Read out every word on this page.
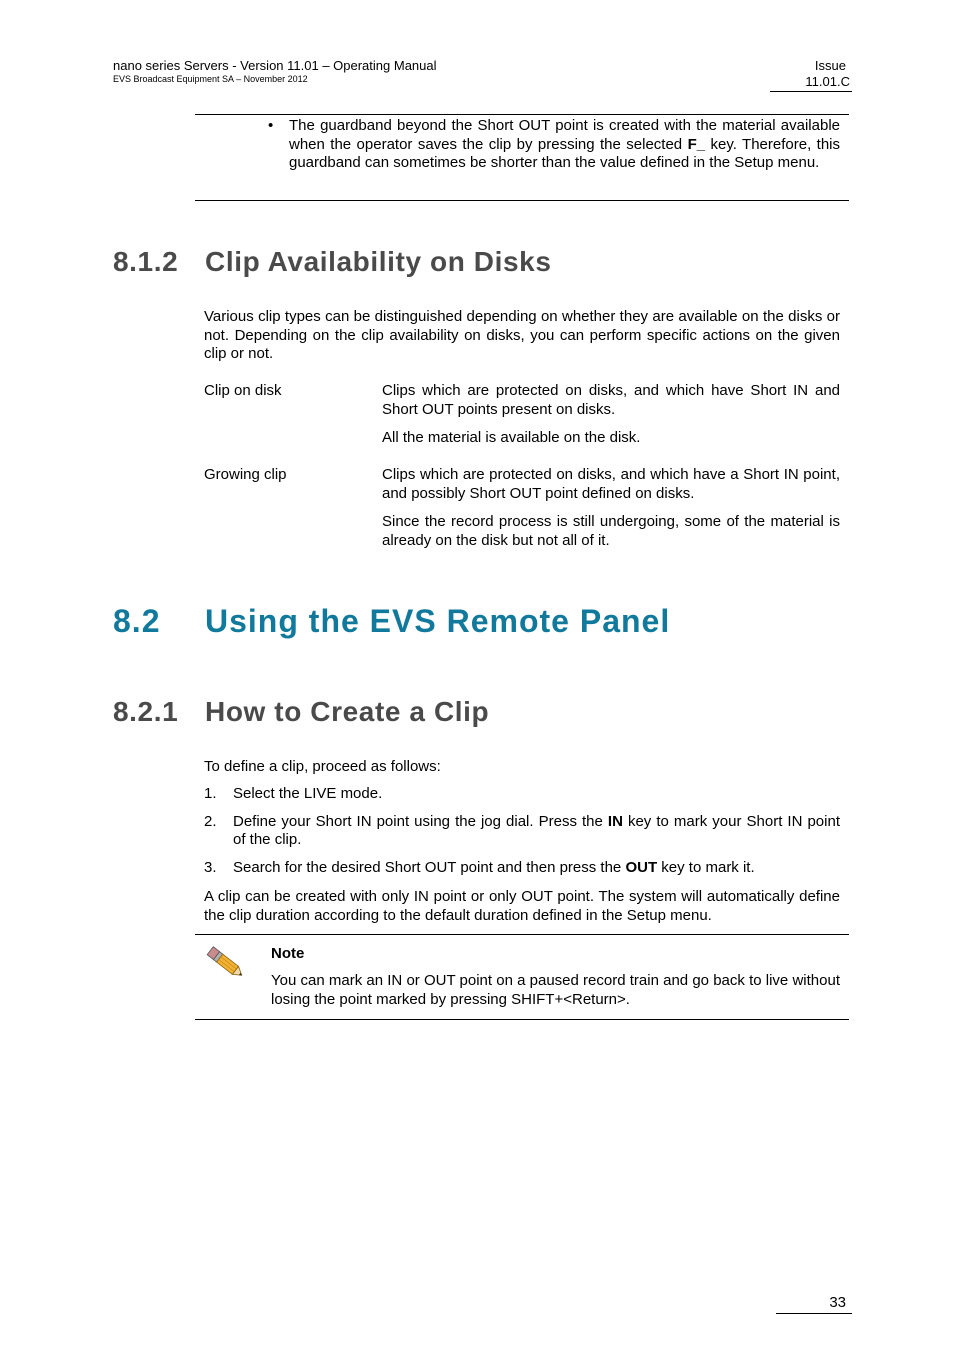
nano series Servers - Version 11.01 – Operating Manual
EVS Broadcast Equipment SA – November 2012
Issue
11.01.C
• The guardband beyond the Short OUT point is created with the material available when the operator saves the clip by pressing the selected F_ key. Therefore, this guardband can sometimes be shorter than the value defined in the Setup menu.
8.1.2 Clip Availability on Disks
Various clip types can be distinguished depending on whether they are available on the disks or not. Depending on the clip availability on disks, you can perform specific actions on the given clip or not.
Clip on disk	Clips which are protected on disks, and which have Short IN and Short OUT points present on disks.
All the material is available on the disk.
Growing clip	Clips which are protected on disks, and which have a Short IN point, and possibly Short OUT point defined on disks.
Since the record process is still undergoing, some of the material is already on the disk but not all of it.
8.2 Using the EVS Remote Panel
8.2.1 How to Create a Clip
To define a clip, proceed as follows:
1. Select the LIVE mode.
2. Define your Short IN point using the jog dial. Press the IN key to mark your Short IN point of the clip.
3. Search for the desired Short OUT point and then press the OUT key to mark it.
A clip can be created with only IN point or only OUT point. The system will automatically define the clip duration according to the default duration defined in the Setup menu.
Note
You can mark an IN or OUT point on a paused record train and go back to live without losing the point marked by pressing SHIFT+<Return>.
33
